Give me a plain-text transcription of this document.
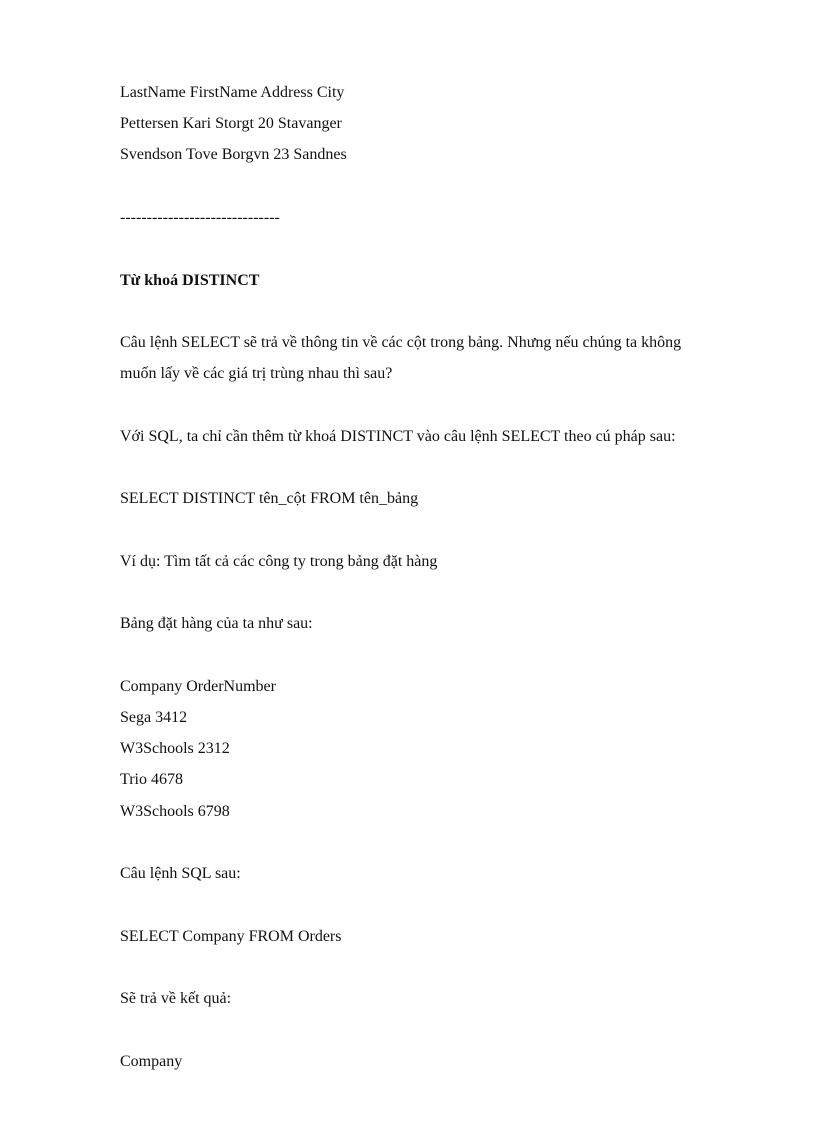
LastName FirstName Address City
Pettersen Kari Storgt 20 Stavanger
Svendson Tove Borgvn 23 Sandnes
------------------------------
Từ khoá DISTINCT
Câu lệnh SELECT sẽ trả về thông tin về các cột trong bảng. Nhưng nếu chúng ta không
muốn lấy về các giá trị trùng nhau thì sau?
Với SQL, ta chỉ cần thêm từ khoá DISTINCT vào câu lệnh SELECT theo cú pháp sau:
SELECT DISTINCT tên_cột FROM tên_bảng
Ví dụ: Tìm tất cả các công ty trong bảng đặt hàng
Bảng đặt hàng của ta như sau:
Company OrderNumber
Sega 3412
W3Schools 2312
Trio 4678
W3Schools 6798
Câu lệnh SQL sau:
SELECT Company FROM Orders
Sẽ trả về kết quả:
Company
